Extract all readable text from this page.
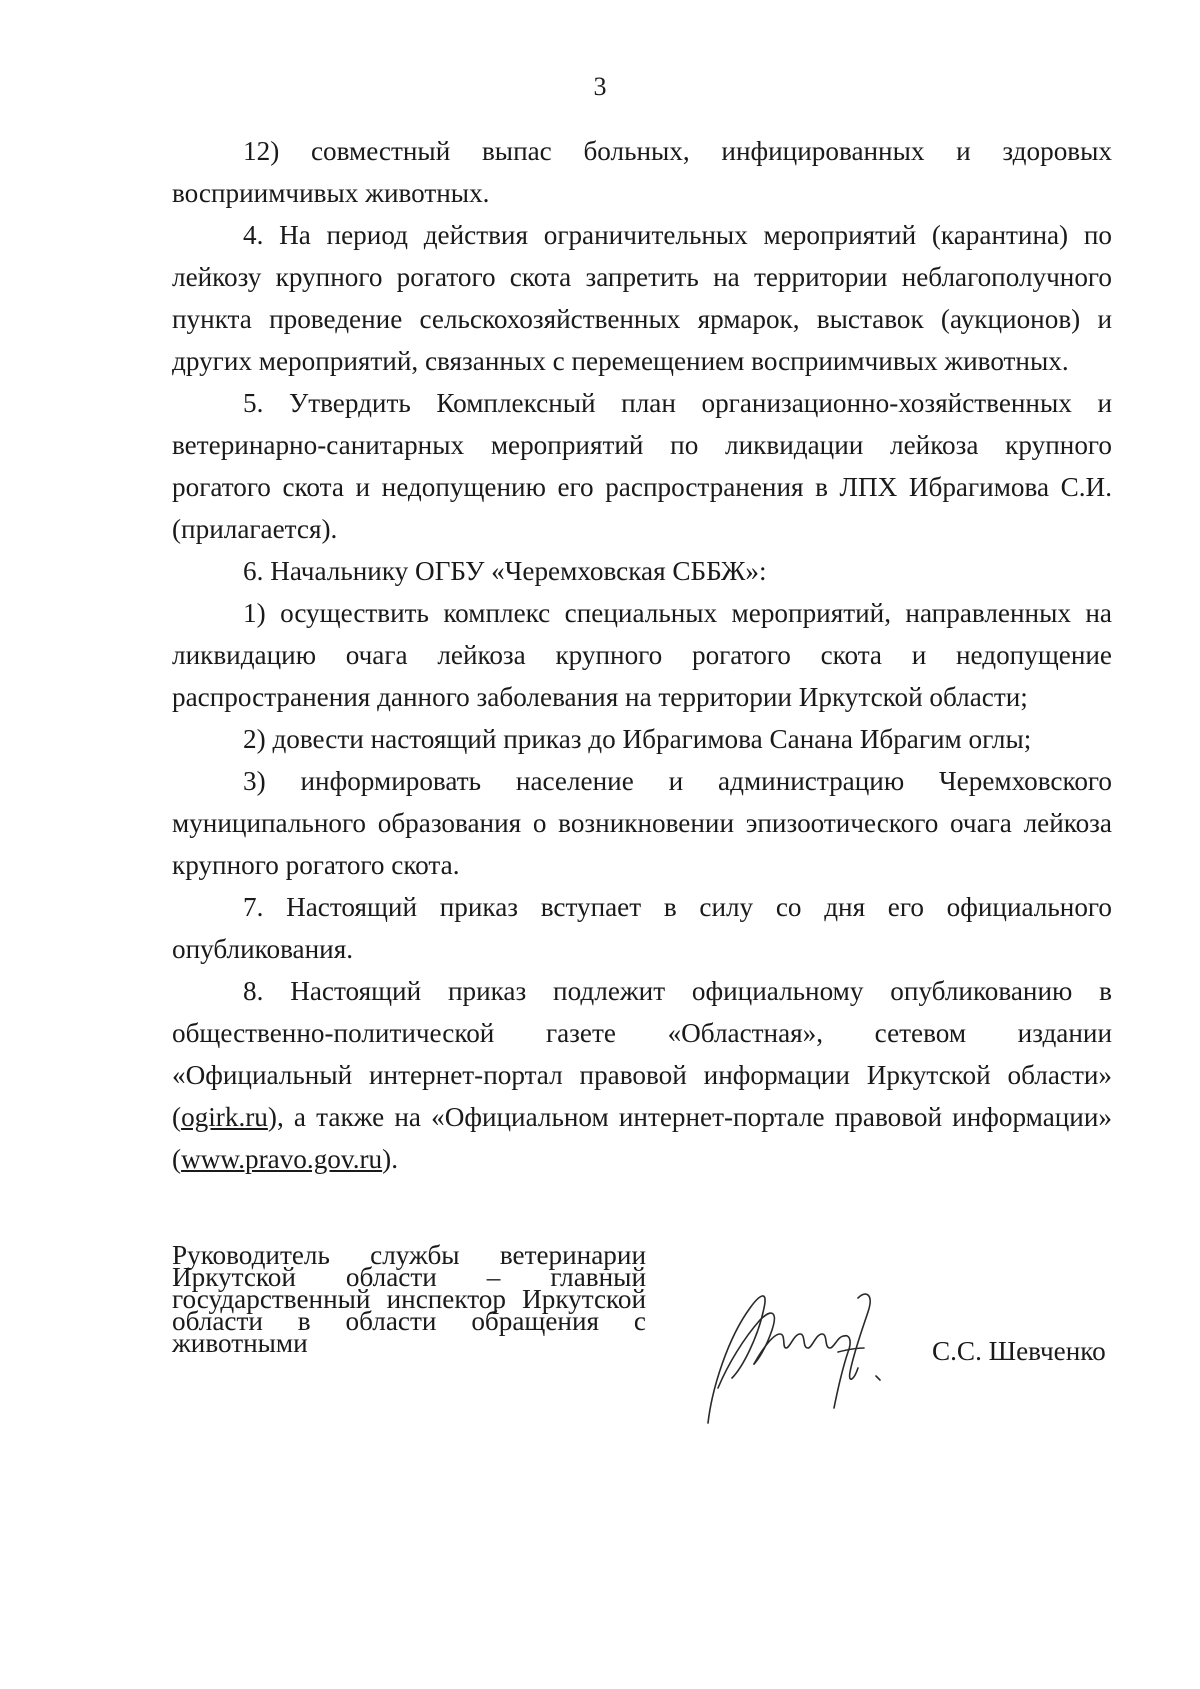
3

12) совместный выпас больных, инфицированных и здоровых восприимчивых животных.

4. На период действия ограничительных мероприятий (карантина) по лейкозу крупного рогатого скота запретить на территории неблагополучного пункта проведение сельскохозяйственных ярмарок, выставок (аукционов) и других мероприятий, связанных с перемещением восприимчивых животных.

5. Утвердить Комплексный план организационно-хозяйственных и ветеринарно-санитарных мероприятий по ликвидации лейкоза крупного рогатого скота и недопущению его распространения в ЛПХ Ибрагимова С.И. (прилагается).

6. Начальнику ОГБУ «Черемховская СББЖ»:

1) осуществить комплекс специальных мероприятий, направленных на ликвидацию очага лейкоза крупного рогатого скота и недопущение распространения данного заболевания на территории Иркутской области;

2) довести настоящий приказ до Ибрагимова Санана Ибрагим оглы;

3) информировать население и администрацию Черемховского муниципального образования о возникновении эпизоотического очага лейкоза крупного рогатого скота.

7. Настоящий приказ вступает в силу со дня его официального опубликования.

8. Настоящий приказ подлежит официальному опубликованию в общественно-политической газете «Областная», сетевом издании «Официальный интернет-портал правовой информации Иркутской области» (ogirk.ru), а также на «Официальном интернет-портале правовой информации» (www.pravo.gov.ru).

Руководитель службы ветеринарии Иркутской области – главный государственный инспектор Иркутской области в области обращения с животными	С.С. Шевченко
